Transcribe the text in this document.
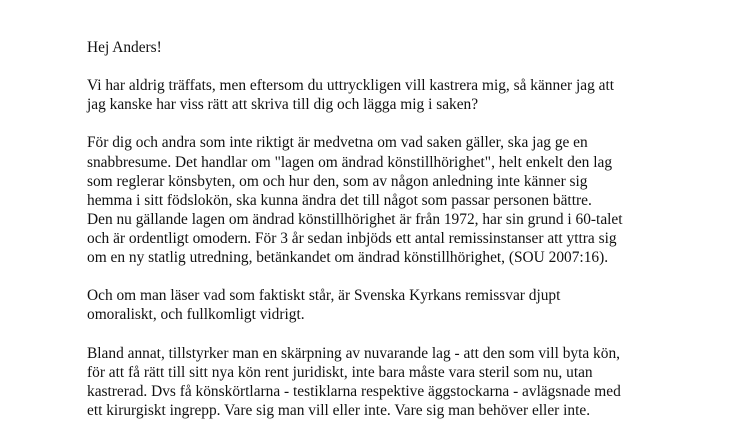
Hej Anders!

Vi har aldrig träffats, men eftersom du uttryckligen vill kastrera mig, så känner jag att
jag kanske har viss rätt att skriva till dig och lägga mig i saken?

För dig och andra som inte riktigt är medvetna om vad saken gäller, ska jag ge en
snabbresume. Det handlar om "lagen om ändrad könstillhörighet", helt enkelt den lag
som reglerar könsbyten, om och hur den, som av någon anledning inte känner sig
hemma i sitt födslokön, ska kunna ändra det till något som passar personen bättre.
Den nu gällande lagen om ändrad könstillhörighet är från 1972, har sin grund i 60-talet
och är ordentligt omodern. För 3 år sedan inbjöds ett antal remissinstanser att yttra sig
om en ny statlig utredning, betänkandet om ändrad könstillhörighet, (SOU 2007:16).

Och om man läser vad som faktiskt står, är Svenska Kyrkans remissvar djupt
omoraliskt, och fullkomligt vidrigt.

Bland annat, tillstyrker man en skärpning av nuvarande lag - att den som vill byta kön,
för att få rätt till sitt nya kön rent juridiskt, inte bara måste vara steril som nu, utan
kastrerad. Dvs få könskörtlarna - testiklarna respektive äggstockarna - avlägsnade med
ett kirurgiskt ingrepp. Vare sig man vill eller inte. Vare sig man behöver eller inte.
